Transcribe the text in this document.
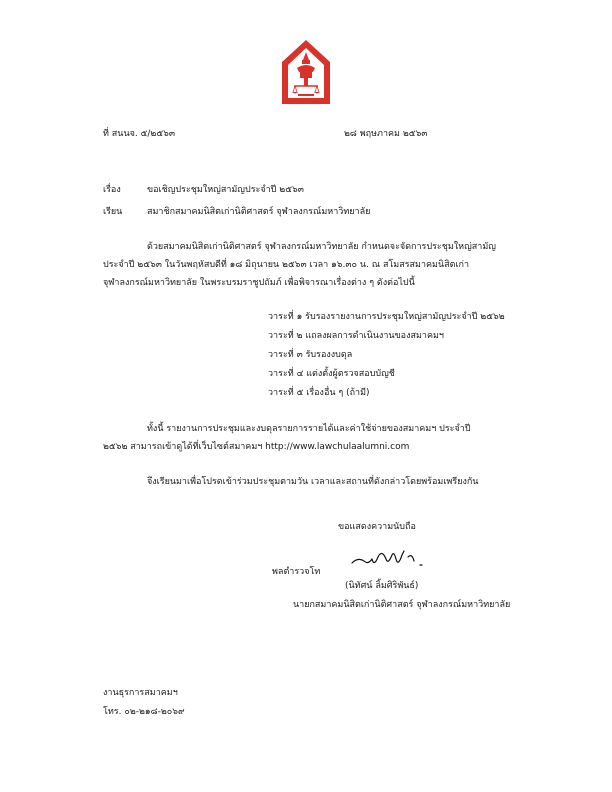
ที่ สนนจ. ๕/๒๕๖๓	๒๘ พฤษภาคม ๒๕๖๓
เรื่อง	ขอเชิญประชุมใหญ่สามัญประจำปี ๒๕๖๓
เรียน	สมาชิกสมาคมนิสิตเก่านิติศาสตร์ จุฬาลงกรณ์มหาวิทยาลัย
ด้วยสมาคมนิสิตเก่านิติศาสตร์ จุฬาลงกรณ์มหาวิทยาลัย กำหนดจะจัดการประชุมใหญ่สามัญ
ประจำปี ๒๕๖๓ ในวันพฤหัสบดีที่ ๑๘ มิถุนายน ๒๕๖๓ เวลา ๑๖.๓๐ น. ณ สโมสรสมาคมนิสิตเก่า
จุฬาลงกรณ์มหาวิทยาลัย ในพระบรมราชูปถัมภ์ เพื่อพิจารณาเรื่องต่าง ๆ ดังต่อไปนี้
วาระที่ ๑ รับรองรายงานการประชุมใหญ่สามัญประจำปี ๒๕๖๒
วาระที่ ๒ แถลงผลการดำเนินงานของสมาคมฯ
วาระที่ ๓ รับรองงบดุล
วาระที่ ๔ แต่งตั้งผู้ตรวจสอบบัญชี
วาระที่ ๕ เรื่องอื่น ๆ (ถ้ามี)
ทั้งนี้ รายงานการประชุมและงบดุลรายการรายได้และค่าใช้จ่ายของสมาคมฯ ประจำปี
๒๕๖๒ สามารถเข้าดูได้ที่เว็บไซต์สมาคมฯ http://www.lawchulaalumni.com
จึงเรียนมาเพื่อโปรดเข้าร่วมประชุมตามวัน เวลาและสถานที่ดังกล่าวโดยพร้อมเพรียงกัน
ขอแสดงความนับถือ
พลตำรวจโท
(นิทัศน์ ลิ้มศิริพันธ์)
นายกสมาคมนิสิตเก่านิติศาสตร์ จุฬาลงกรณ์มหาวิทยาลัย
งานธุรการสมาคมฯ
โทร. ๐๒-๒๑๘-๒๐๖๙
